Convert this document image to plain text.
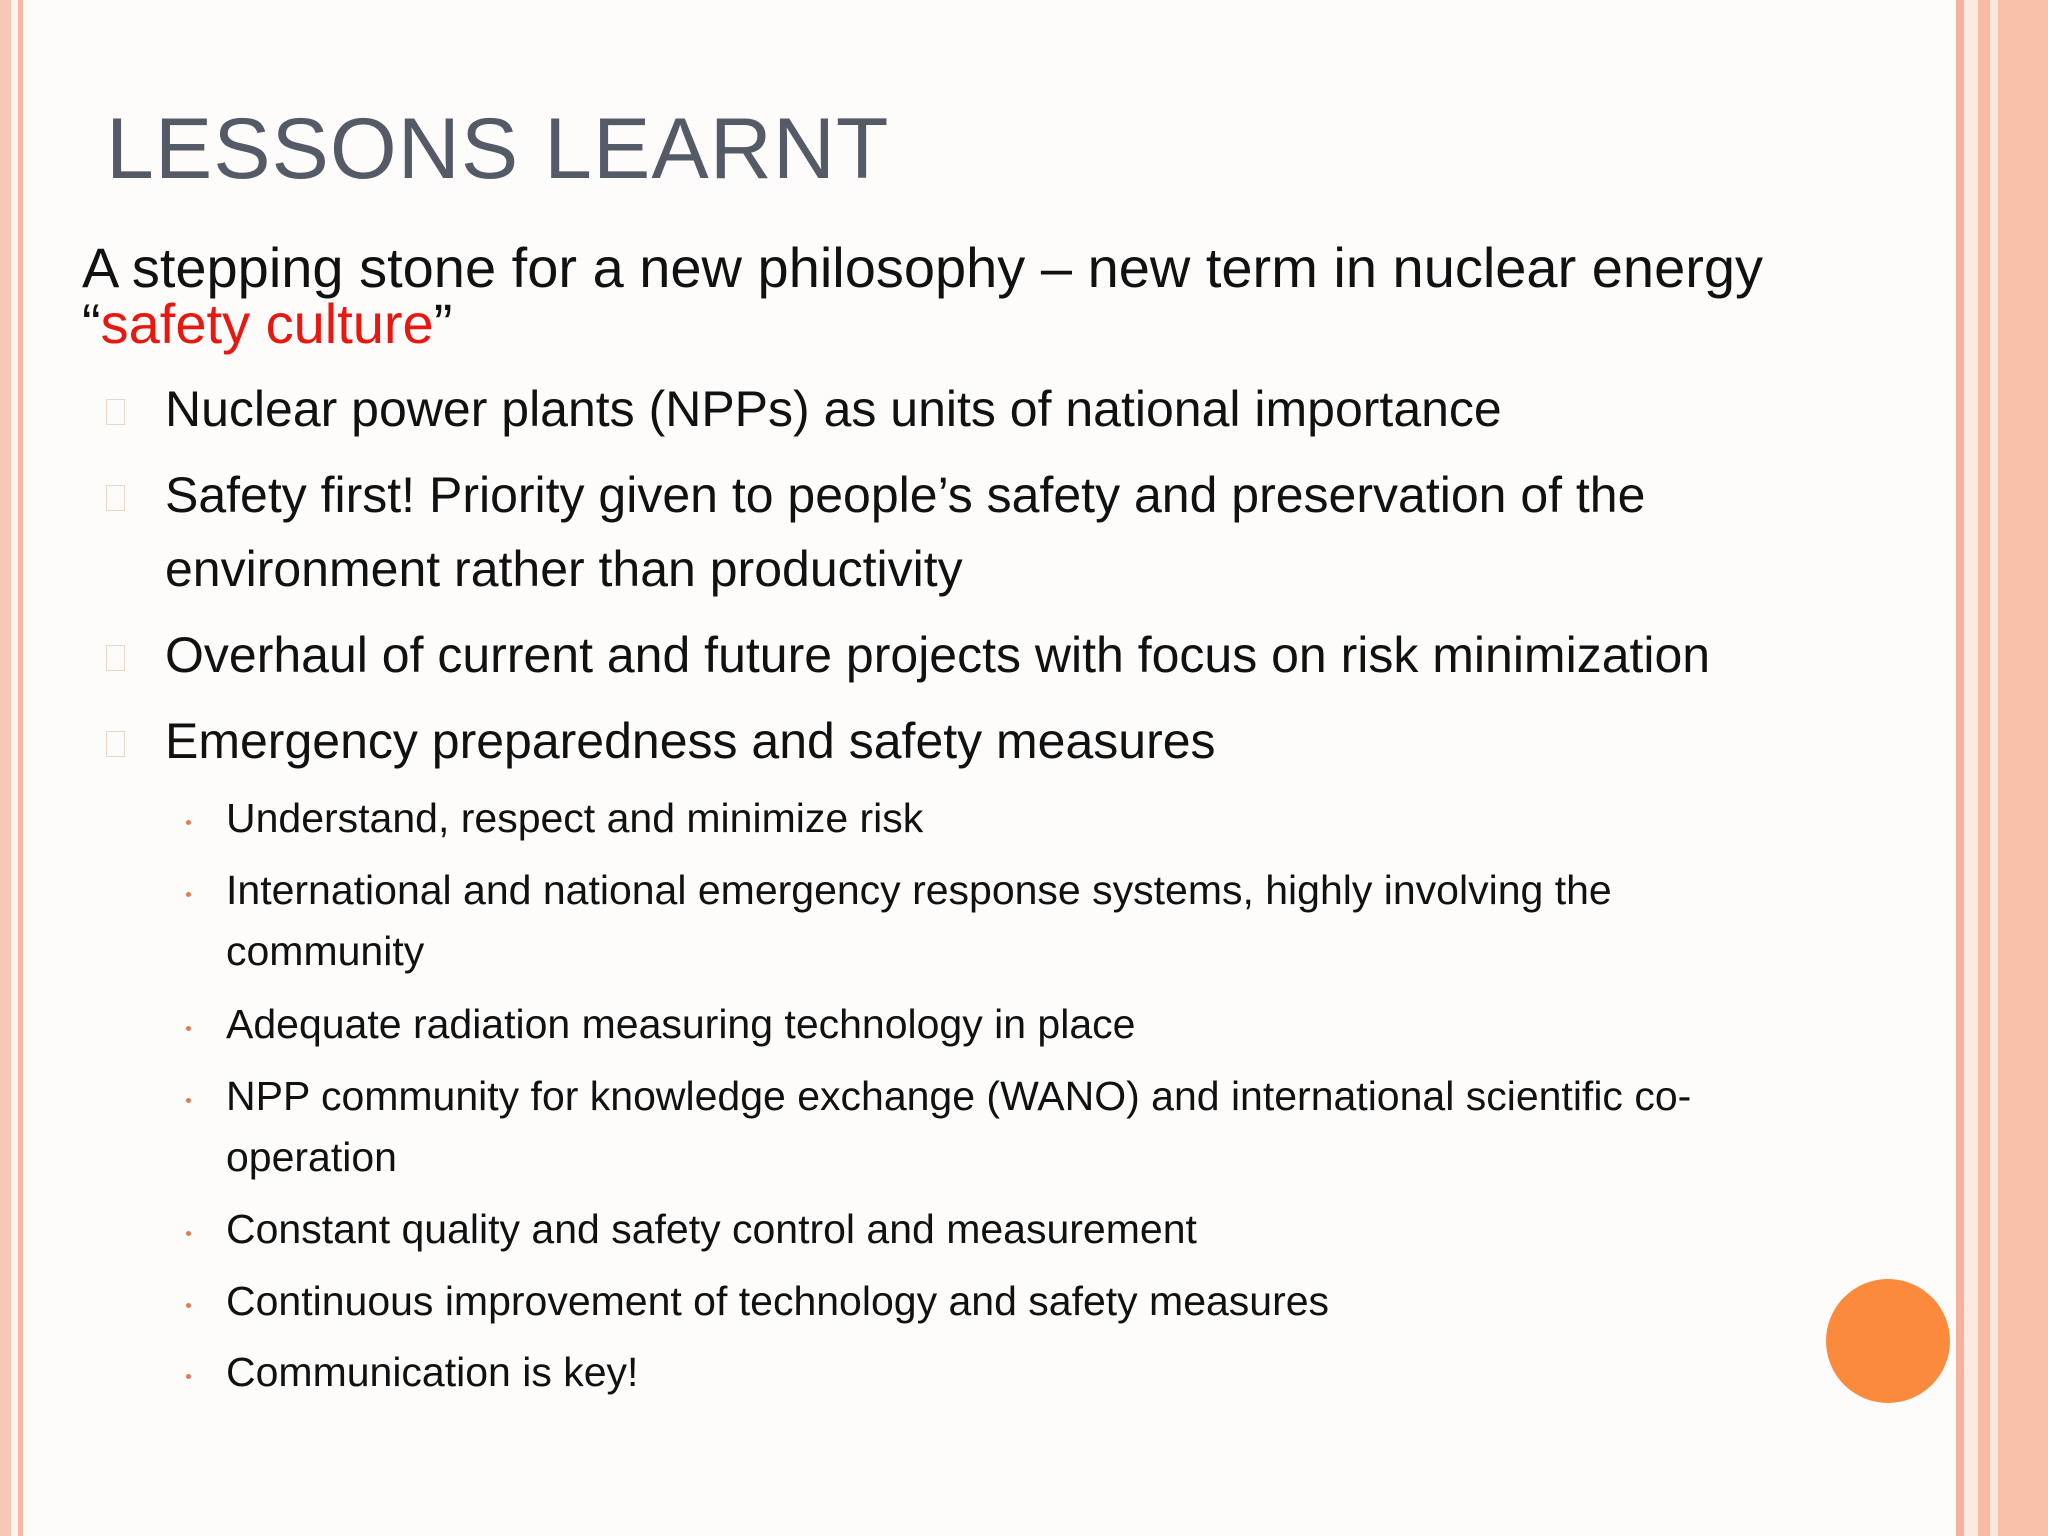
LESSONS LEARNT
A stepping stone for a new philosophy – new term in nuclear energy
“safety culture”
Nuclear power plants (NPPs) as units of national importance
Safety first! Priority given to people’s safety and preservation of the environment rather than productivity
Overhaul of current and future projects with focus on risk minimization
Emergency preparedness and safety measures
Understand, respect and minimize risk
International and national emergency response systems, highly involving the community
Adequate radiation measuring technology in place
NPP community for knowledge exchange (WANO) and international scientific co-operation
Constant quality and safety control and measurement
Continuous improvement of technology and safety measures
Communication is key!
